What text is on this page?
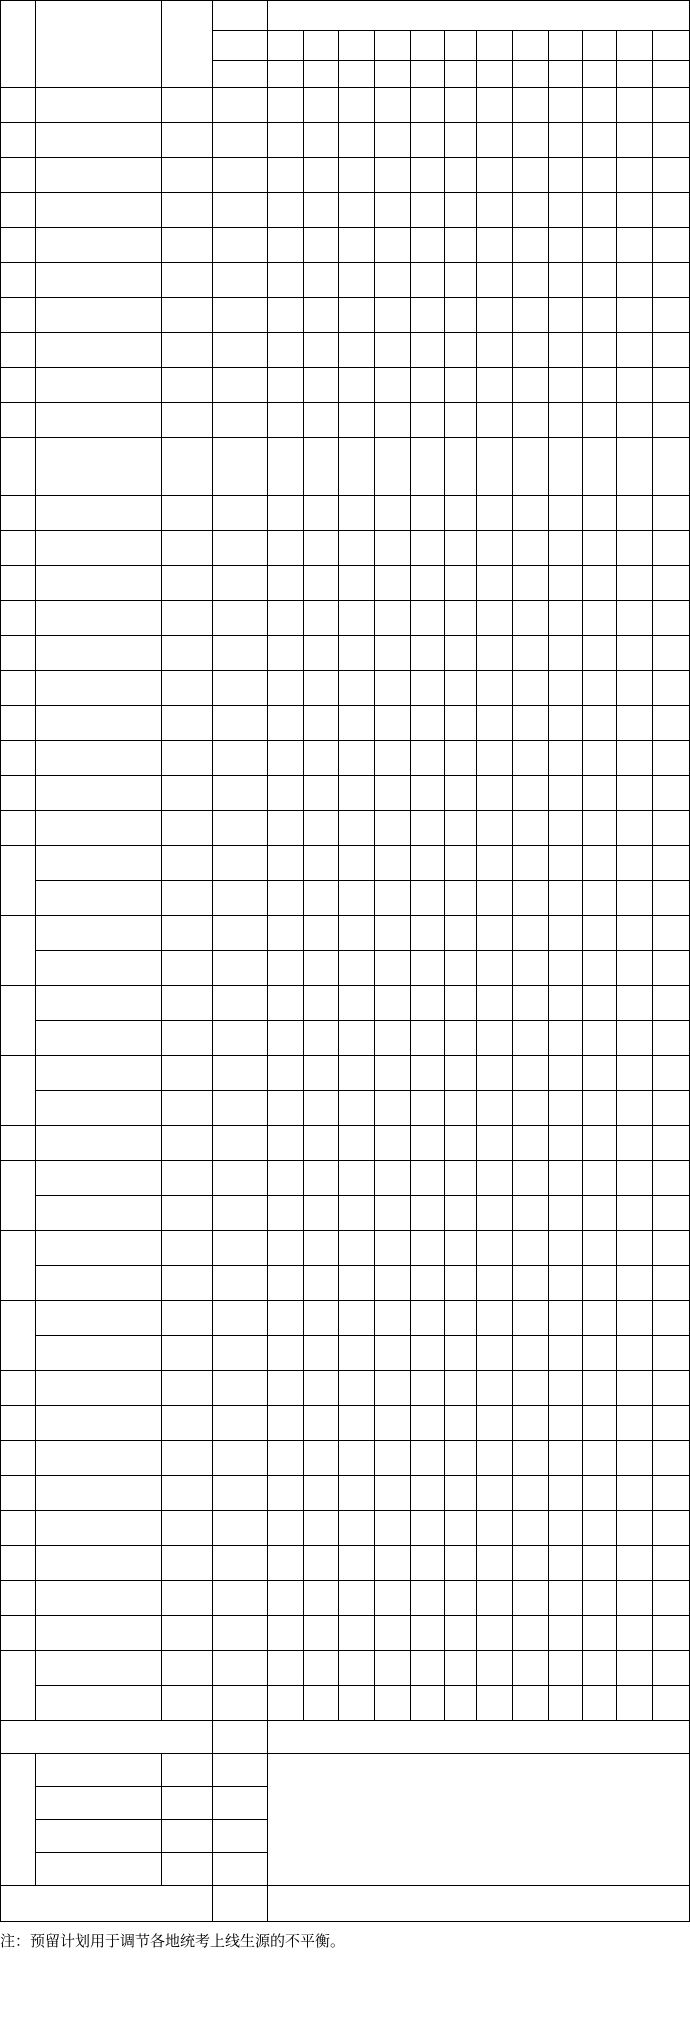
注：预留计划用于调节各地统考上线生源的不平衡。
